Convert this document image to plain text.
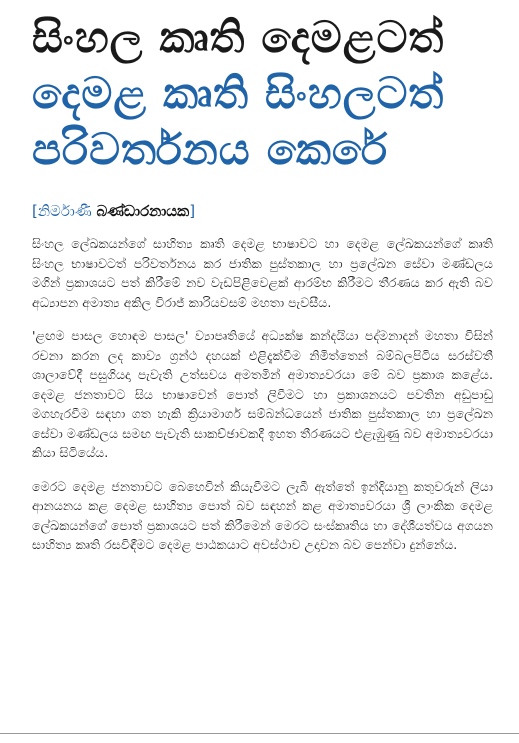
සිංහල කෘති දෙමළටත්
දෙමළ කෘති සිංහලටත්
පරිවර්තනය කෙරේ
[නිර්මාණී බණ්ඩාරනායක]

සිංහල ලේඛකයන්ගේ සාහිත්‍ය කෘති දෙමළ භාෂාවට හා දෙමළ ලේඛකයන්ගේ කෘති සිංහල භාෂාවටත් පරිවර්තනය කර ජාතික පුස්තකාල හා ප්‍රලේඛන සේවා මණ්ඩලය මගින් ප්‍රකාශයට පත් කිරීමේ නව වැඩපිළිවෙළක් ආරම්භ කිරීමට තීරණය කර ඇති බව අධ්‍යාපන අමාත්‍ය අකිල විරාජ් කාරියවසම් මහතා පැවසීය.

'ළඟම පාසල හොඳම පාසල' ව්‍යාපෘතියේ අධ්‍යක්ෂ කන්දයියා පද්මනාදන් මහතා විසින් රචනා කරන ලද කාව්‍ය ග්‍රන්ථ දහයක් එළිදැක්වීම නිමිත්තෙන් බම්බලපිටිය සරස්වතී ශාලාවේදී පසුගියදා පැවැති උත්සවය අමතමින් අමාත්‍යවරයා මේ බව ප්‍රකාශ කළේය. දෙමළ ජනතාවට සිය භාෂාවෙන් පොත් ලිවීමට හා ප්‍රකාශනයට පවතින අඩුපාඩු මගහැරවීම සඳහා ගත හැකි ක්‍රියාමාර්ග සම්බන්ධයෙන් ජාතික පුස්තකාල හා ප්‍රලේඛන සේවා මණ්ඩලය සමඟ පැවැති සාකච්ඡාවකදී ඉහත තීරණයට එළැඹුණු බව අමාත්‍යවරයා කියා සිටියේය.

මෙරට දෙමළ ජනතාවට බෙහෙවින් කියැවීමට ලැබී ඇත්තේ ඉන්දියානු කතුවරුන් ලියා ආනයනය කළ දෙමළ සාහිත්‍ය පොත් බව සඳහන් කළ අමාත්‍යවරයා ශ්‍රී ලාංකික දෙමළ ලේඛකයන්ගේ පොත් ප්‍රකාශයට පත් කිරීමෙන් මෙරට සංස්කෘතිය හා දේශීයත්වය අගයන සාහිත්‍ය කෘති රසවිඳීමට දෙමළ පාඨකයාට අවස්ථාව උදාවන බව පෙන්වා දුන්නේය.
